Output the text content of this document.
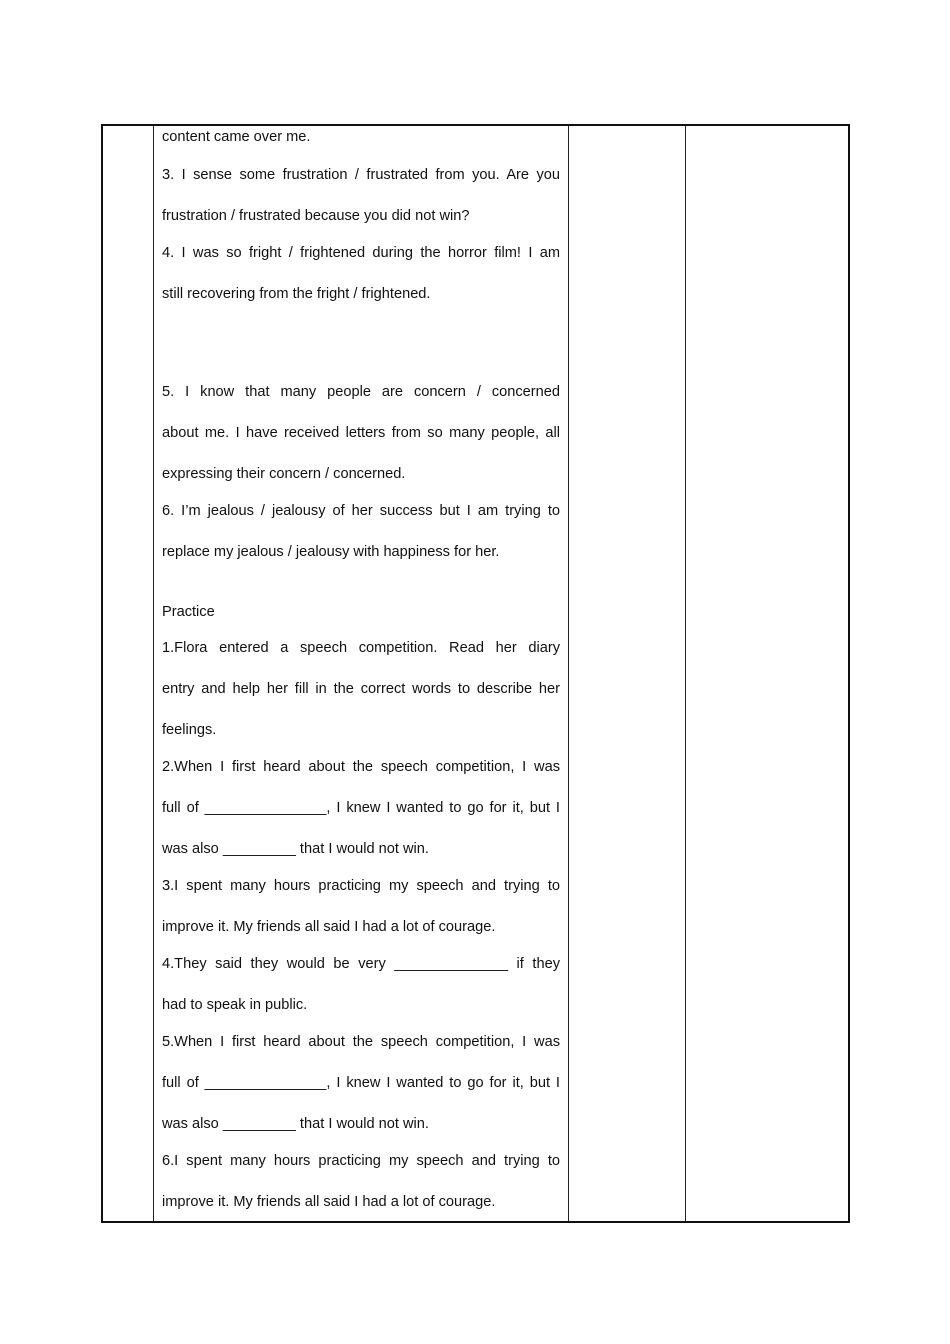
content came over me.
3. I sense some frustration / frustrated from you. Are you
frustration / frustrated because you did not win?
4. I was so fright / frightened during the horror film! I am
still recovering from the fright / frightened.
5. I know that many people are concern / concerned
about me. I have received letters from so many people, all
expressing their concern / concerned.
6. I’m jealous / jealousy of her success but I am trying to
replace my jealous / jealousy with happiness for her.
Practice
1.Flora entered a speech competition. Read her diary
entry and help her fill in the correct words to describe her
feelings.
2.When I first heard about the speech competition, I was
full of _______________, I knew I wanted to go for it, but I
was also _________ that I would not win.
3.I spent many hours practicing my speech and trying to
improve it. My friends all said I had a lot of courage.
4.They said they would be very ______________ if they
had to speak in public.
5.When I first heard about the speech competition, I was
full of _______________, I knew I wanted to go for it, but I
was also _________ that I would not win.
6.I spent many hours practicing my speech and trying to
improve it. My friends all said I had a lot of courage.
